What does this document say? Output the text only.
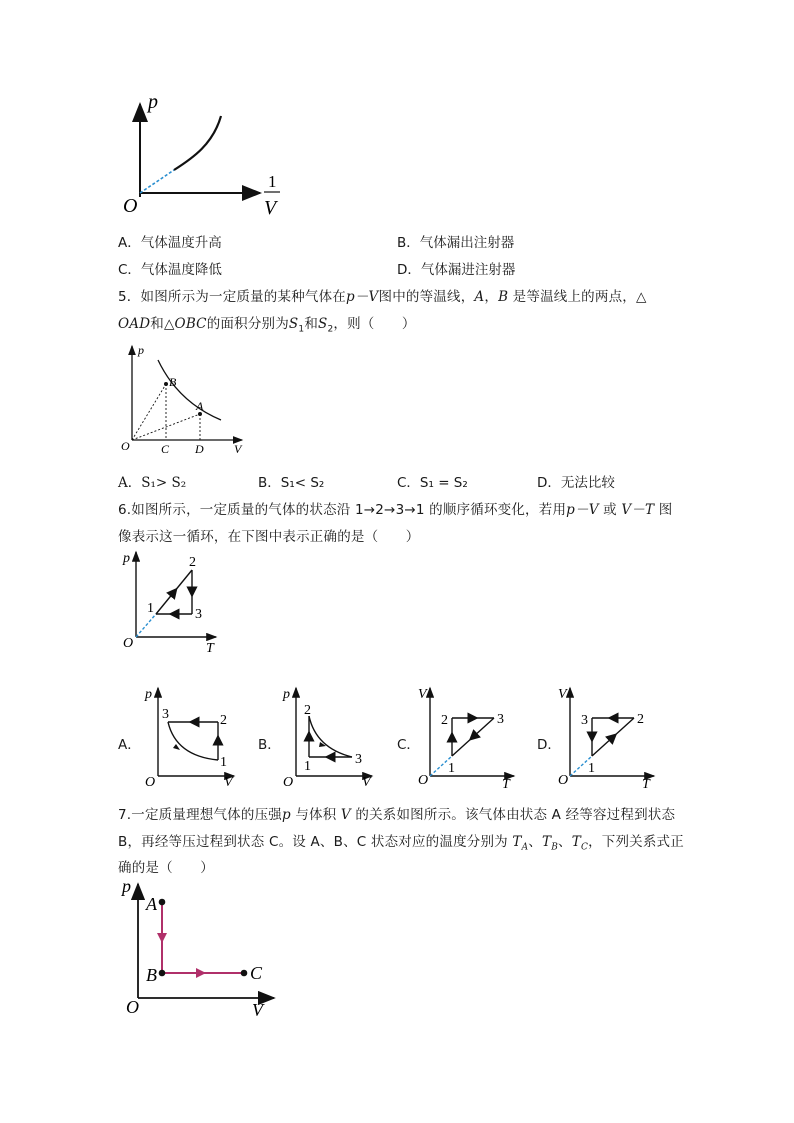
p
O
1
V
A．气体温度升高	B．气体漏出注射器
C．气体温度降低	D．气体漏进注射器
5．如图所示为一定质量的某种气体在p－V图中的等温线，A，B 是等温线上的两点，△
OAD和△OBC的面积分别为$S_1$和$S_2$，则（　　）
p
B
A
O	C D	V
A．S₁> S₂	B．S₁< S₂	C．S₁ = S₂	D．无法比较
6.如图所示，一定质量的气体的状态沿 1→2→3→1 的顺序循环变化，若用p－V 或 V－T 图
像表示这一循环，在下图中表示正确的是（　　）
p
1
2
3
O	T
A．
p
3	2
1
O	V
B．
p
2
3
1
O	V
C．
V
2	3
1
O	T
D．
V
3	2
1
O	T
7.一定质量理想气体的压强p 与体积 V 的关系如图所示。该气体由状态 A 经等容过程到状态
B，再经等压过程到状态 C。设 A、B、C 状态对应的温度分别为 $T_A$、$T_B$、$T_C$，下列关系式正
确的是（　　）
p
A
B	C
O	V
